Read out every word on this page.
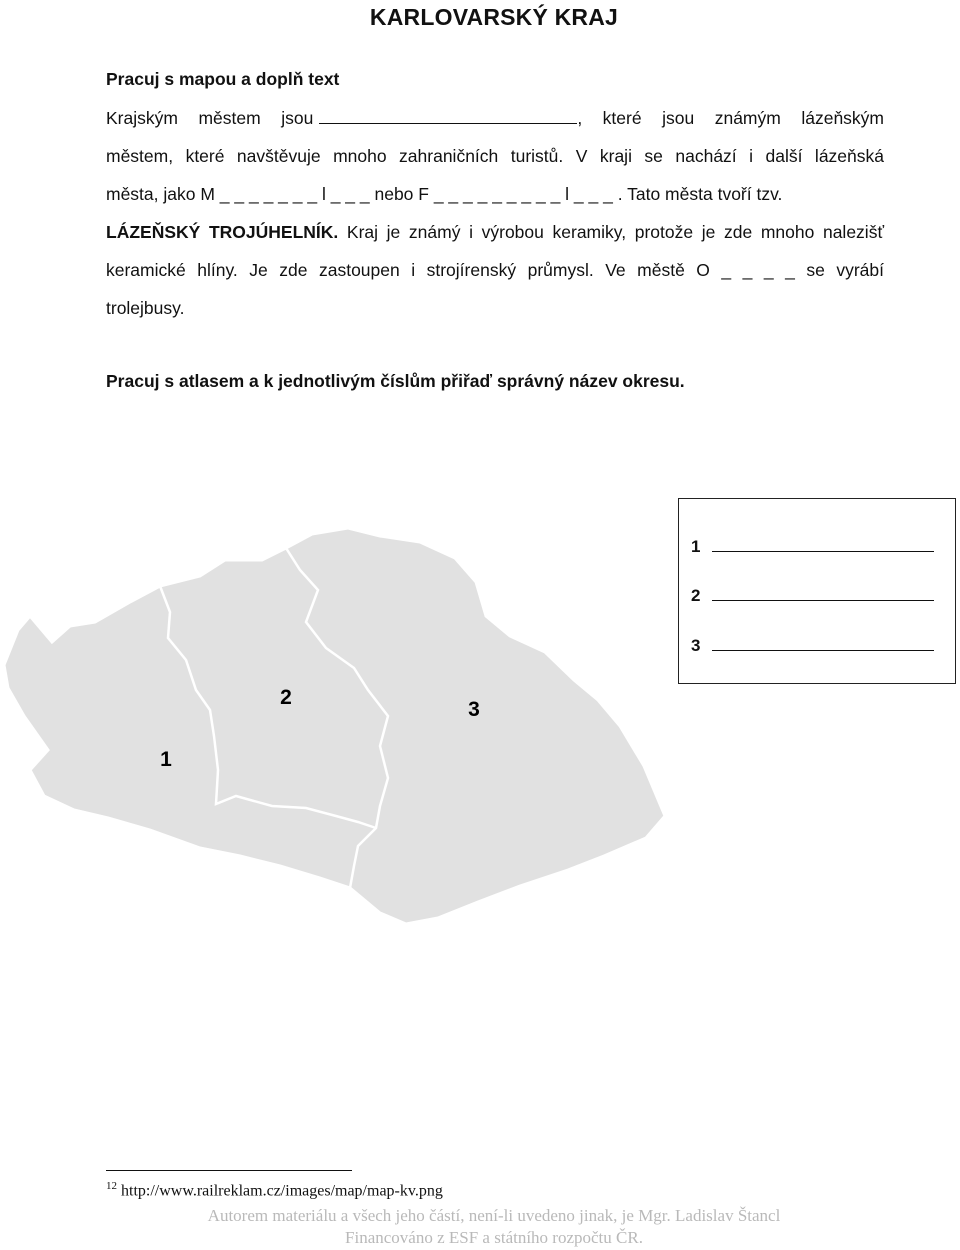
KARLOVARSKÝ KRAJ
Pracuj s mapou a doplň text
Krajským městem jsou	, které jsou známým lázeňským
městem, které navštěvuje mnoho zahraničních turistů. V kraji se nachází i další lázeňská
města, jako M _ _ _ _ _ _ _ l _ _ _ nebo F _ _ _ _ _ _ _ _ _ l _ _ _ . Tato města tvoří tzv.
LÁZEŇSKÝ TROJÚHELNÍK. Kraj je známý i výrobou keramiky, protože je zde mnoho nalezišť
keramické hlíny. Je zde zastoupen i strojírenský průmysl. Ve městě O _ _ _ _ se vyrábí
trolejbusy.
Pracuj s atlasem a k jednotlivým číslům přiřaď správný název okresu.
1
2
3
1
2
3
$^{12}$ http://www.railreklam.cz/images/map/map-kv.png
Autorem materiálu a všech jeho částí, není-li uvedeno jinak, je Mgr. Ladislav Štancl
Financováno z ESF a státního rozpočtu ČR.
